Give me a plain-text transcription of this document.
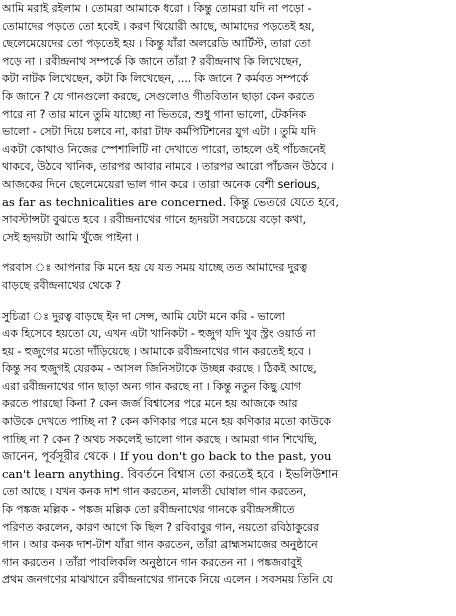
আমি মরাই রইলাম । তোমরা আমাকে ধরো । কিন্তু তোমরা যদি না পড়ো -
তোমাদের পড়তে তো হবেই । করণ থিয়োরী আছে, আমাদের পড়তেই হয়,
ছেলেমেয়েদের তো পড়তেই হয় । কিন্তু যাঁরা অলরেডি আর্টিস্ট, তারা তো
পড়ে না । রবীন্দ্রনাথ সম্পর্কে কি জানে তাঁরা ? রবীন্দ্রনাথ কি লিখেছেন,
কটা নাটক লিখেছেন, কটা কি লিখেছেন, .... কি জানে ? কর্মবত সম্পর্কে
কি জানে ? যে গানগুলো করছে, সেগুলোও গীতবিতান ছাড়া কেন করতে
পারে না ? তার মানে তুমি যাচ্ছো না ভিতরে, শুধু গানা ভালো, টেকনিক
ভালো - সেটা দিয়ে চলবে না, কারা টাফ কর্মপিটিশনের যুগ এটা । তুমি যদি
একটা কোথাও নিজের স্পেশালিটি না দেখাতে পারো, তাহলে ওই পাঁচজনেই
থাকবে, উঠবে খানিক, তারপর আবার নামবে । তারপর আরো পাঁচজন উঠবে ।
আজকের দিনে ছেলেমেয়েরা ভাল গান করে । তারা অনেক বেশী serious,
as far as technicalities are concerned. কিন্তু ভেতরে যেতে হবে,
সাবস্টান্সটা বুঝতে হবে । রবীন্দ্রনাথের গানে হৃদয়টা সবচেয়ে বড়ো কথা,
সেই হৃদয়টা আমি খুঁজে পাইনা ।
পরবাস ঃ আপনার কি মনে হয় যে যত সময় যাচ্ছে তত আমাদের দুরত্ব
বাড়ছে রবীন্দ্রনাথের থেকে ?
সুচিত্রা ঃ দুরত্ব বাড়ছে ইন দা সেন্স, আমি যেটা মনে করি - ভালো
এক হিসেবে হয়তো যে, এখন এটা খানিকটা - হুজুগ যদি খুব স্ট্রং ওয়ার্ড না
হয় - হুজুগের মতো দাঁড়িয়েছে । আমাকে রবীন্দ্রনাথের গান করতেই হবে ।
কিন্তু সব হুজুগই যেরকম - আসল জিনিসটাকে উচ্ছন্ন করছে । ঠিকই আছে,
এরা রবীন্দ্রনাথের গান ছাড়া অন্য গান করছে না । কিন্তু নতুন কিছু যোগ
করতে পারছো কিনা ? কেন জর্জ বিশ্বাসের পরে মনে হয় আজকে আর
কাউকে দেখতে পাচ্ছি না ? কেন কণিকার পরে মনে হয় কণিকার মতো কাউকে
পাচ্ছি না ? কেন ? অথচ সকলেই ভালো গান করছে । আমরা গান শিখেছি,
জানেন, পূর্বসূরীর থেকে । If you don't go back to the past, you
can't learn anything. বিবর্তনে বিশ্বাস তো করতেই হবে । ইভলিউশান
তো আছে । যখন কনক দাশ গান করতেন, মালতী ঘোষাল গান করতেন,
কি পঙ্কজ মল্লিক - পঙ্কজ মল্লিক তো রবীন্দ্রনাথের গানকে রবীন্দ্রসঙ্গীতে
পরিণত করলেন, কারণ আগে কি ছিল ? রবিবাবুর গান, নয়তো রবিঠাকুরের
গান । আর কনক দাশ-টাশ যাঁরা গান করতেন, তাঁরা ব্রাহ্মসমাজের অনুষ্ঠানে
গান করতেন । তাঁরা পাবলিকলি অনুষ্ঠানে গান করতেন না । পঙ্কজবাবুই
প্রথম জনগণের মাঝখানে রবীন্দ্রনাথের গানকে নিয়ে এলেন । সবসময় তিনি যে
